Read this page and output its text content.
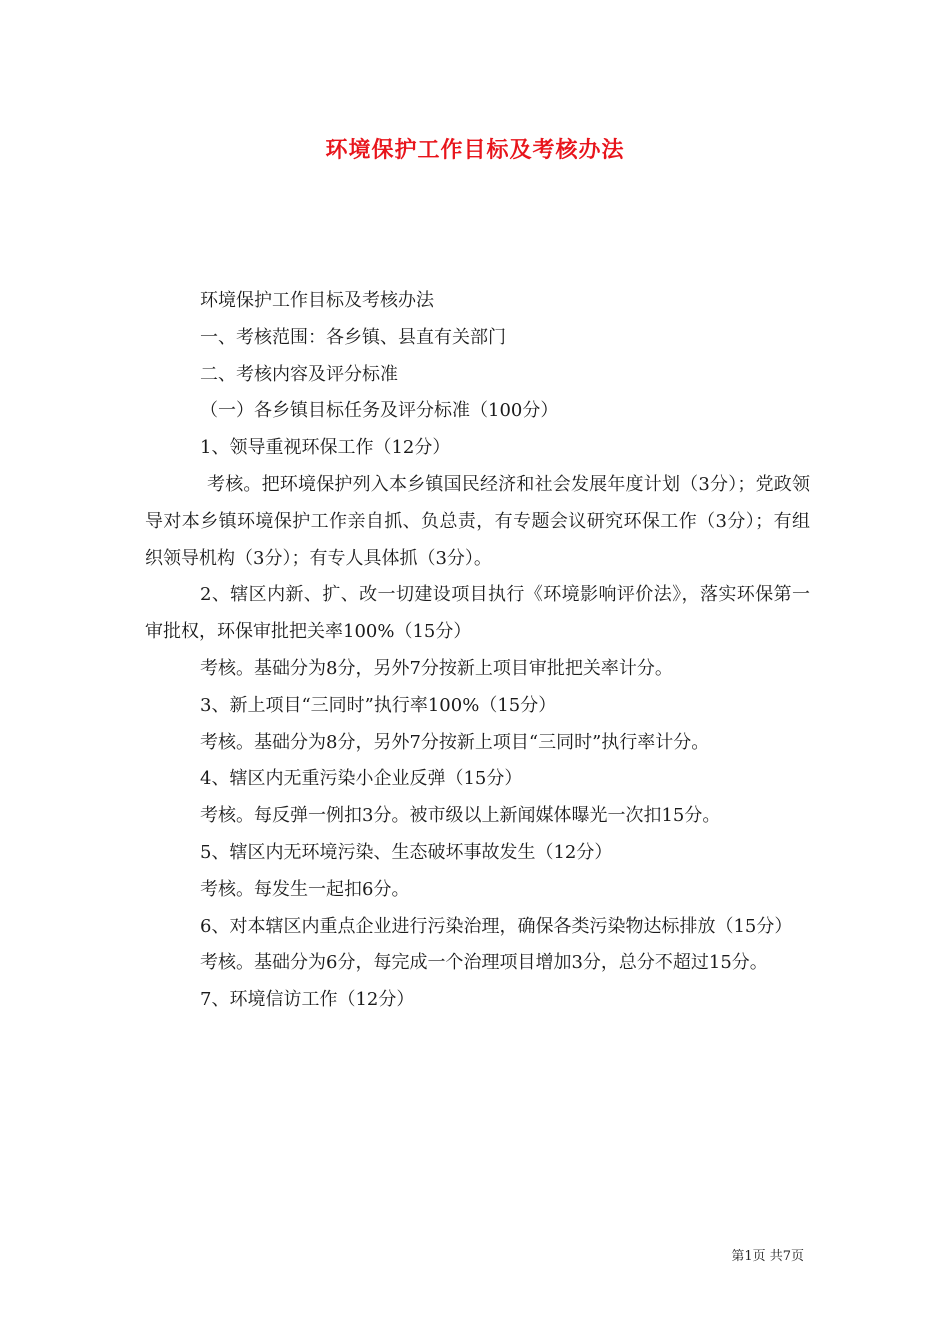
环境保护工作目标及考核办法

环境保护工作目标及考核办法

一、考核范围：各乡镇、县直有关部门

二、考核内容及评分标准

（一）各乡镇目标任务及评分标准（100分）

1、领导重视环保工作（12分）

考核。把环境保护列入本乡镇国民经济和社会发展年度计划（3分）；党政领导对本乡镇环境保护工作亲自抓、负总责，有专题会议研究环保工作（3分）；有组织领导机构（3分）；有专人具体抓（3分）。

2、辖区内新、扩、改一切建设项目执行《环境影响评价法》，落实环保第一审批权，环保审批把关率100%（15分）

考核。基础分为8分，另外7分按新上项目审批把关率计分。

3、新上项目“三同时”执行率100%（15分）

考核。基础分为8分，另外7分按新上项目“三同时”执行率计分。

4、辖区内无重污染小企业反弹（15分）

考核。每反弹一例扣3分。被市级以上新闻媒体曝光一次扣15分。

5、辖区内无环境污染、生态破坏事故发生（12分）

考核。每发生一起扣6分。

6、对本辖区内重点企业进行污染治理，确保各类污染物达标排放（15分）

考核。基础分为6分，每完成一个治理项目增加3分，总分不超过15分。

7、环境信访工作（12分）

第1页 共7页
